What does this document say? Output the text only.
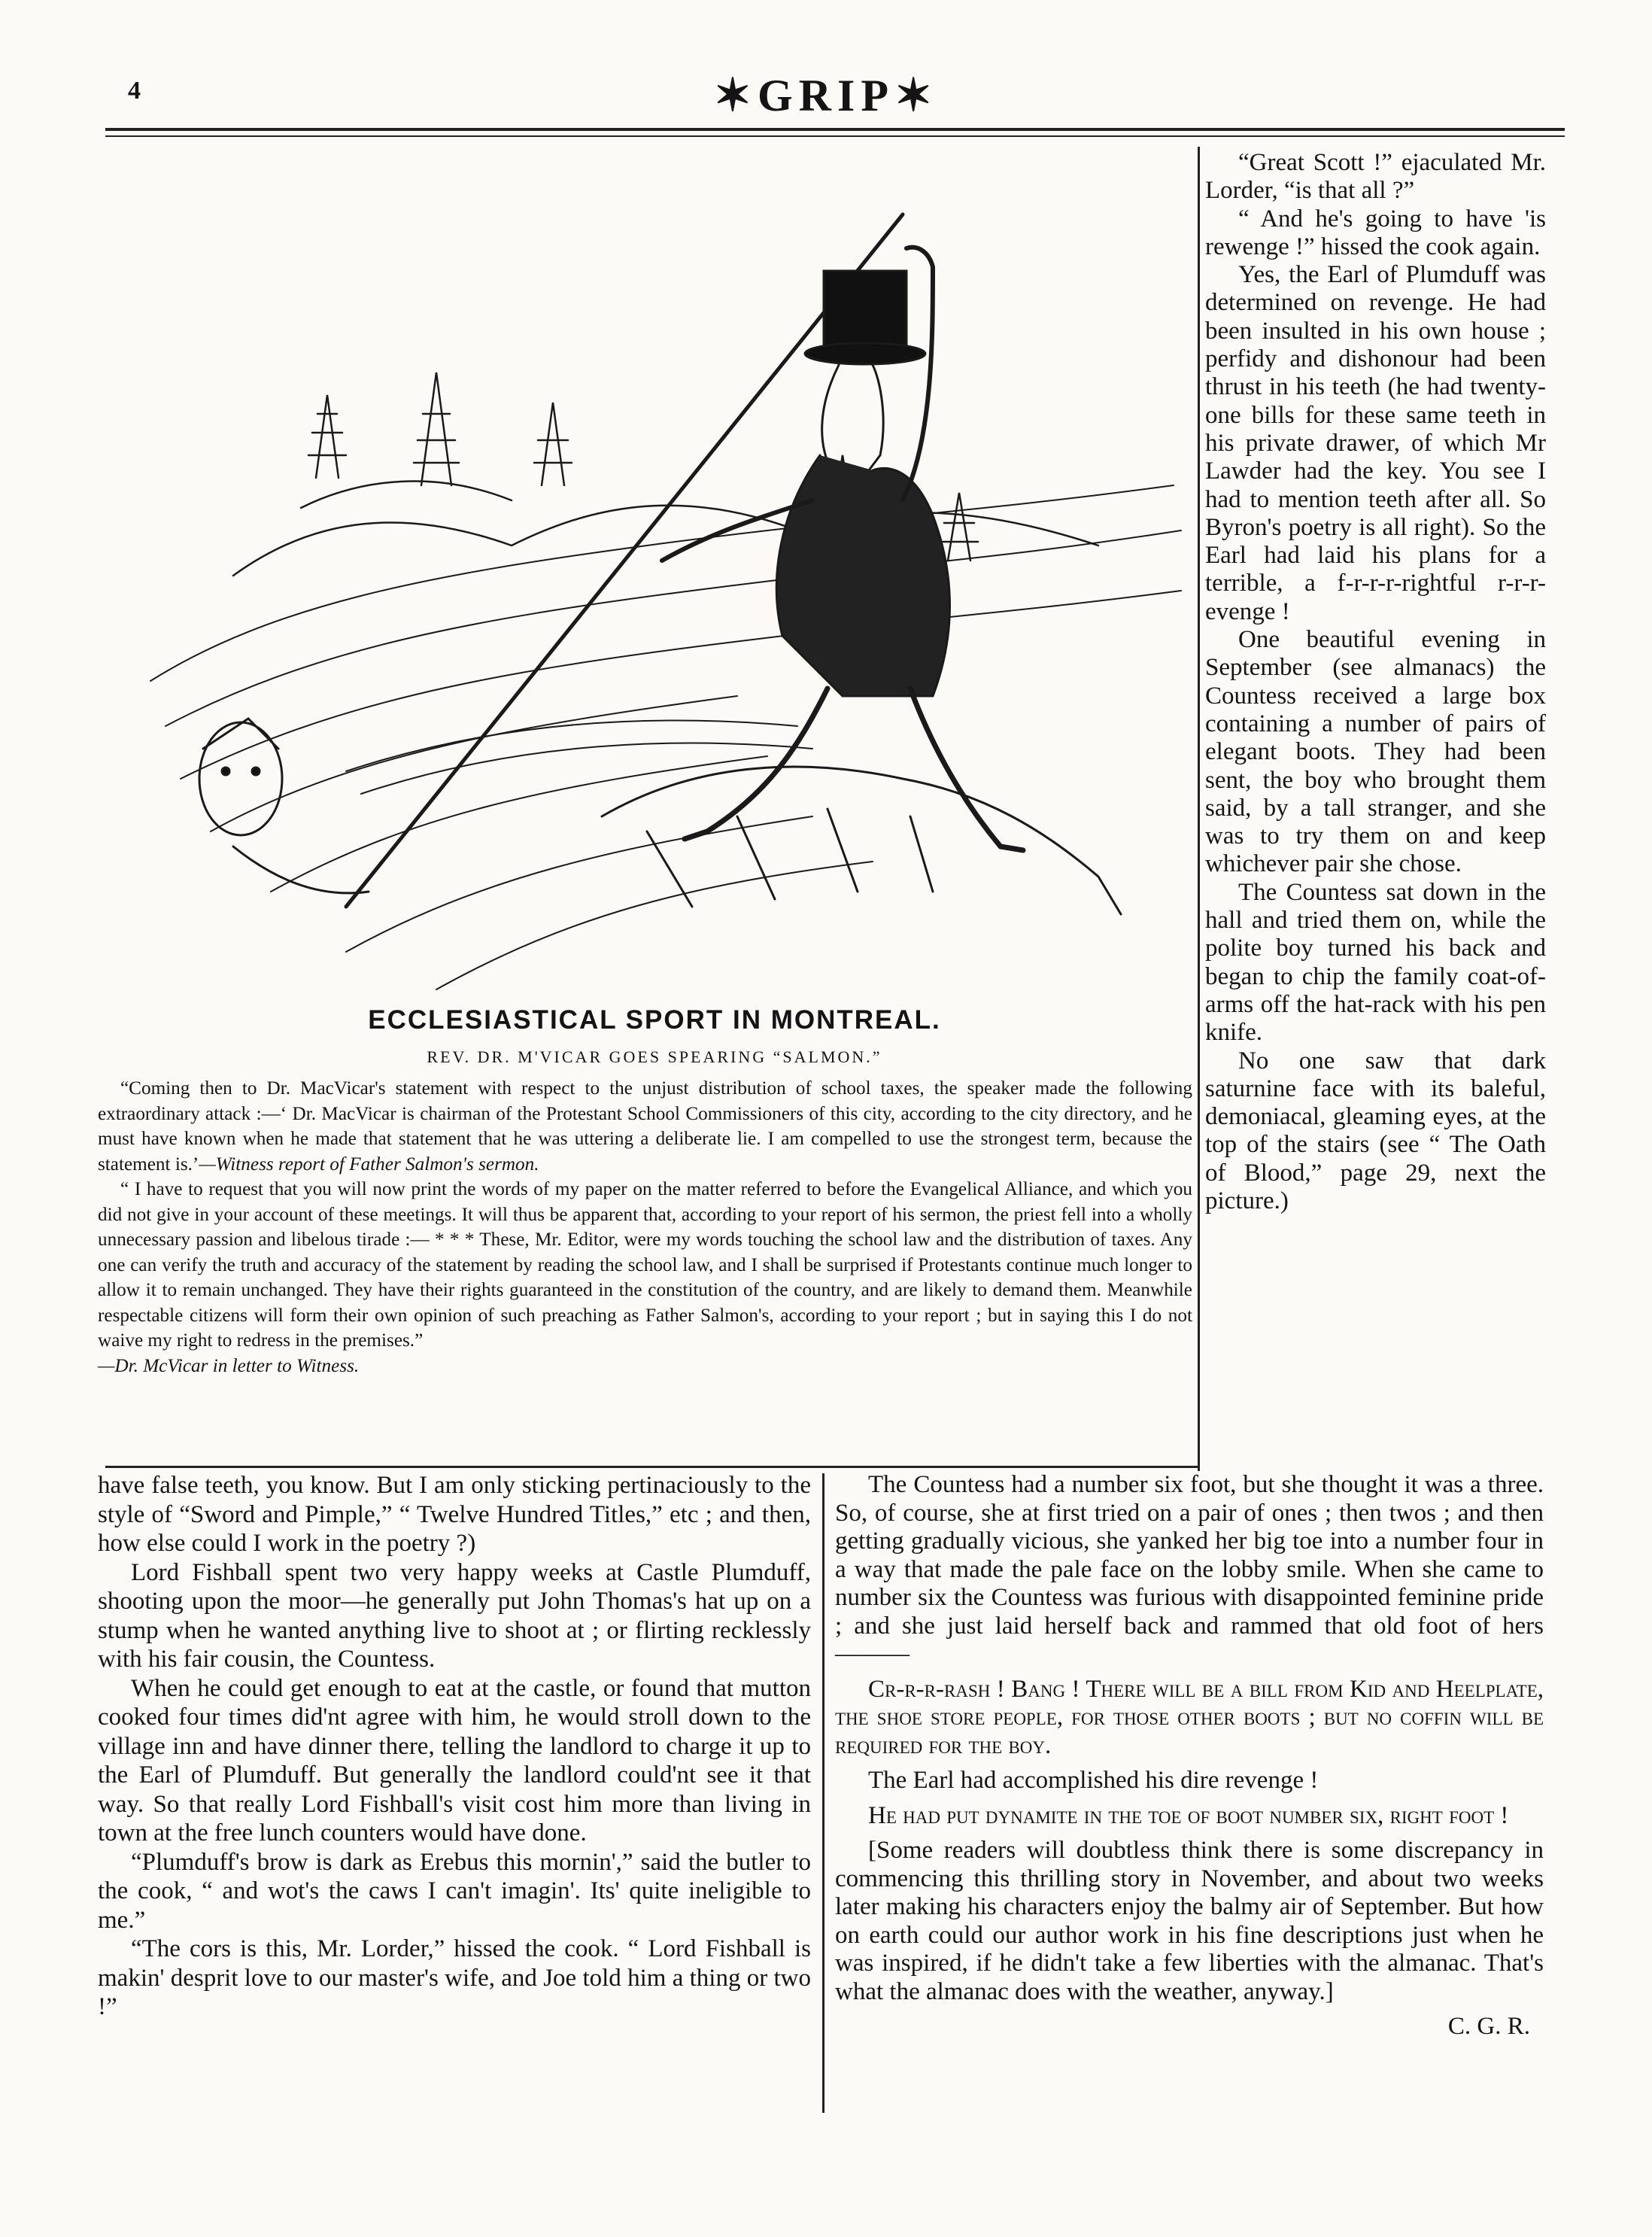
4	✶GRIP✶
ECCLESIASTICAL SPORT IN MONTREAL.
REV. DR. M'VICAR GOES SPEARING “SALMON.”

“Coming then to Dr. MacVicar's statement with respect to the unjust distribution of school taxes, the speaker made the following extraordinary attack :—‘ Dr. MacVicar is chairman of the Protestant School Commissioners of this city, according to the city directory, and he must have known when he made that statement that he was uttering a deliberate lie. I am compelled to use the strongest term, because the statement is.’—Witness report of Father Salmon's sermon.

“ I have to request that you will now print the words of my paper on the matter referred to before the Evangelical Alliance, and which you did not give in your account of these meetings. It will thus be apparent that, according to your report of his sermon, the priest fell into a wholly unnecessary passion and libelous tirade :— * * * These, Mr. Editor, were my words touching the school law and the distribution of taxes. Any one can verify the truth and accuracy of the statement by reading the school law, and I shall be surprised if Protestants continue much longer to allow it to remain unchanged. They have their rights guaranteed in the constitution of the country, and are likely to demand them. Meanwhile respectable citizens will form their own opinion of such preaching as Father Salmon's, according to your report ; but in saying this I do not waive my right to redress in the premises.”

—Dr. McVicar in letter to Witness.

“Great Scott !” ejaculated Mr. Lorder, “is that all ?”

“ And he's going to have 'is rewenge !” hissed the cook again.

Yes, the Earl of Plumduff was determined on revenge. He had been insulted in his own house ; perfidy and dishonour had been thrust in his teeth (he had twenty-one bills for these same teeth in his private drawer, of which Mr Lawder had the key. You see I had to mention teeth after all. So Byron's poetry is all right). So the Earl had laid his plans for a terrible, a f-r-r-r-rightful r-r-r-evenge !

One beautiful evening in September (see almanacs) the Countess received a large box containing a number of pairs of elegant boots. They had been sent, the boy who brought them said, by a tall stranger, and she was to try them on and keep whichever pair she chose.

The Countess sat down in the hall and tried them on, while the polite boy turned his back and began to chip the family coat-of-arms off the hat-rack with his pen knife.

No one saw that dark saturnine face with its baleful, demoniacal, gleaming eyes, at the top of the stairs (see “ The Oath of Blood,” page 29, next the picture.)

have false teeth, you know. But I am only sticking pertinaciously to the style of “Sword and Pimple,” “ Twelve Hundred Titles,” etc ; and then, how else could I work in the poetry ?)

Lord Fishball spent two very happy weeks at Castle Plumduff, shooting upon the moor—he generally put John Thomas's hat up on a stump when he wanted anything live to shoot at ; or flirting recklessly with his fair cousin, the Countess.

When he could get enough to eat at the castle, or found that mutton cooked four times did'nt agree with him, he would stroll down to the village inn and have dinner there, telling the landlord to charge it up to the Earl of Plumduff. But generally the landlord could'nt see it that way. So that really Lord Fishball's visit cost him more than living in town at the free lunch counters would have done.

“Plumduff's brow is dark as Erebus this mornin',” said the butler to the cook, “ and wot's the caws I can't imagin'. Its' quite ineligible to me.”

“The cors is this, Mr. Lorder,” hissed the cook. “ Lord Fishball is makin' desprit love to our master's wife, and Joe told him a thing or two !”

The Countess had a number six foot, but she thought it was a three. So, of course, she at first tried on a pair of ones ; then twos ; and then getting gradually vicious, she yanked her big toe into a number four in a way that made the pale face on the lobby smile. When she came to number six the Countess was furious with disappointed feminine pride ; and she just laid herself back and rammed that old foot of hers ———

Cr-r-r-rash ! Bang ! There will be a bill from Kid and Heelplate, the shoe store people, for those other boots ; but no coffin will be required for the boy.

The Earl had accomplished his dire revenge !

He had put dynamite in the toe of boot number six, right foot !

[Some readers will doubtless think there is some discrepancy in commencing this thrilling story in November, and about two weeks later making his characters enjoy the balmy air of September. But how on earth could our author work in his fine descriptions just when he was inspired, if he didn't take a few liberties with the almanac. That's what the almanac does with the weather, anyway.]

C. G. R.
